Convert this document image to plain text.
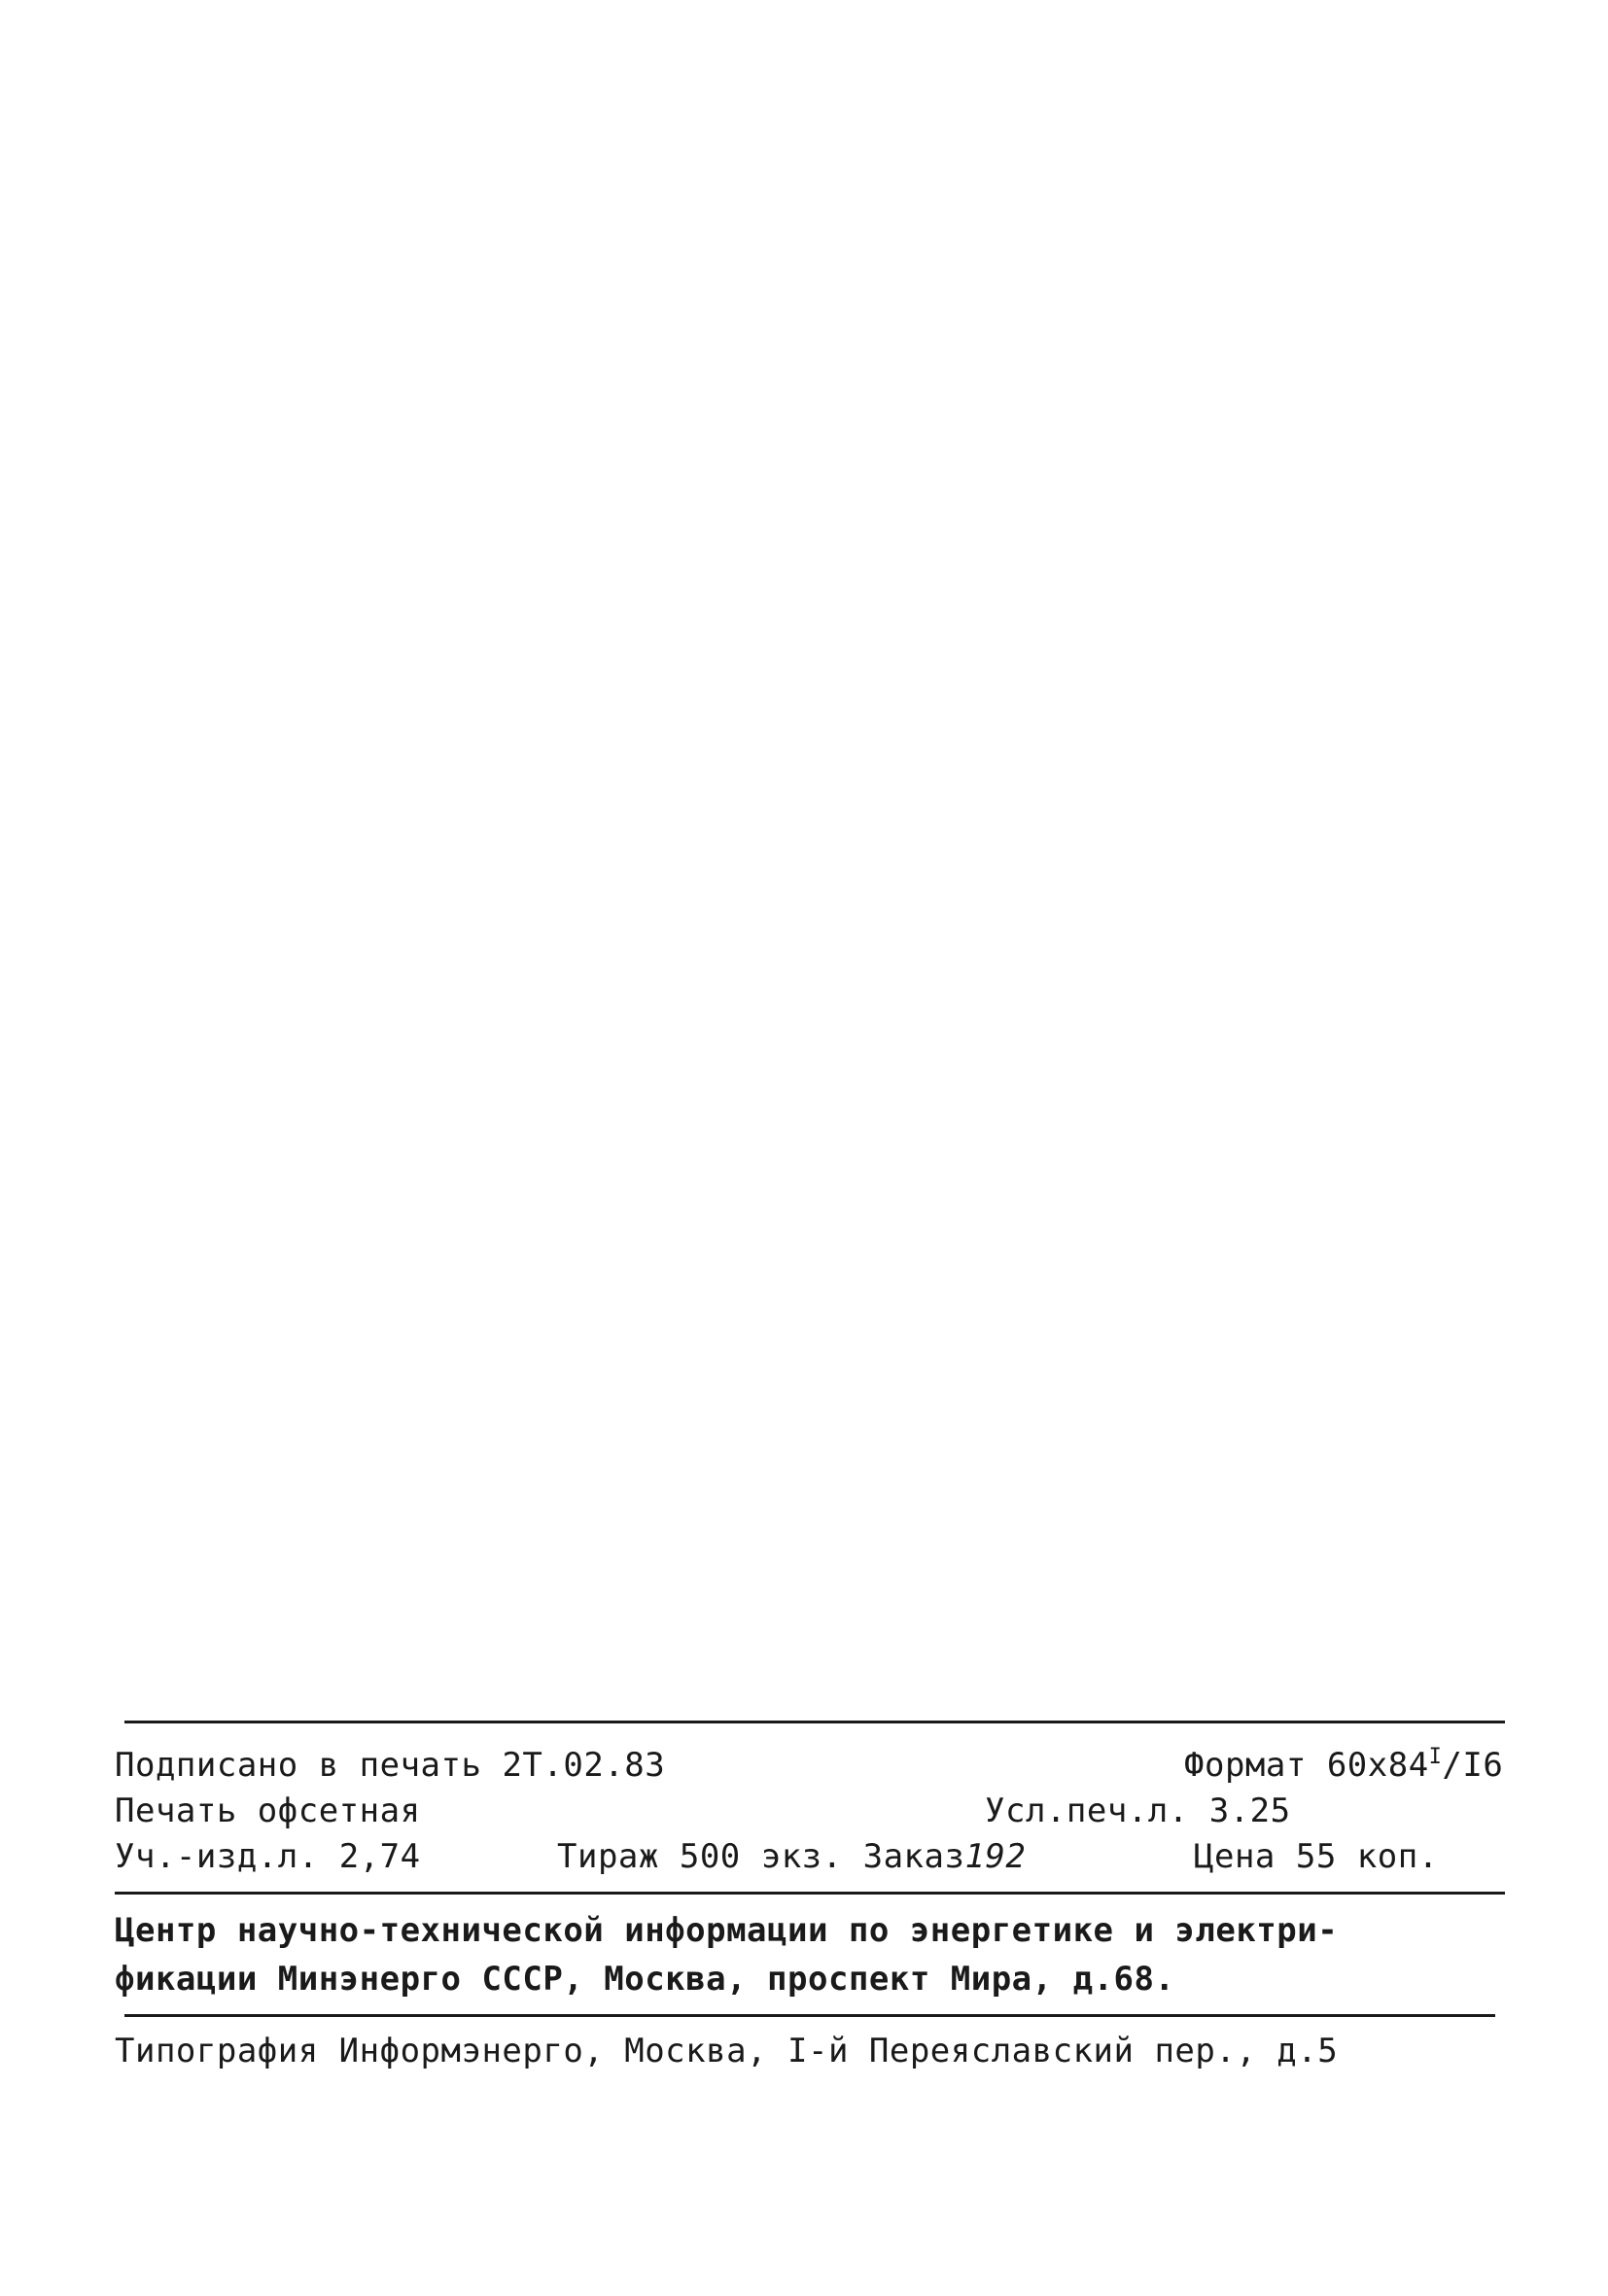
Подписано в печать 2Т.02.83	Формат $60x84^I/I6$
Печать офсетная	Усл.печ.л. 3.25
Уч.-изд.л. 2,74	Тираж 500 экз. Заказ192	Цена 55 коп.
Центр научно-технической информации по энергетике и электри-
фикации Минэнерго СССР, Москва, проспект Мира, д.68.
Типография Информэнерго, Москва, I-й Переяславский пер., д.5
